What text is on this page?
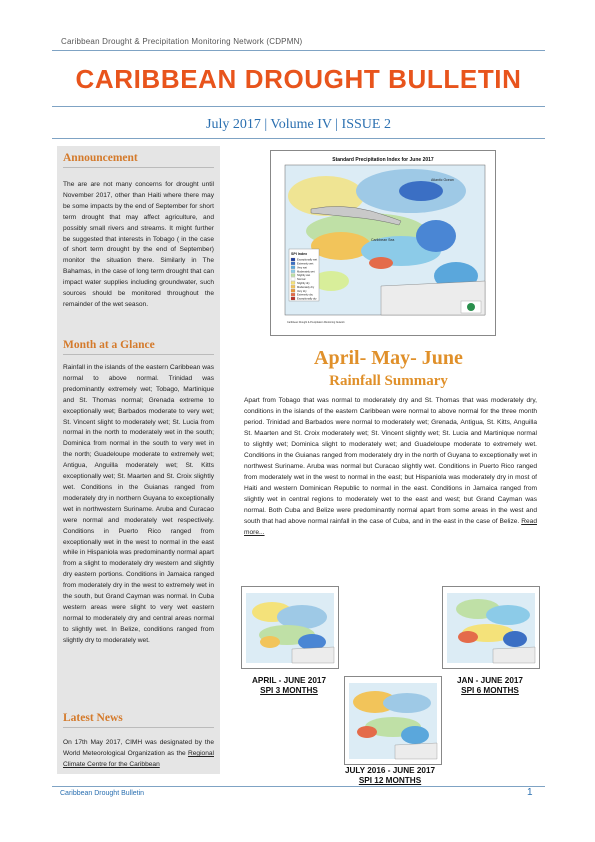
Caribbean Drought & Precipitation Monitoring Network (CDPMN)
CARIBBEAN DROUGHT BULLETIN
July 2017 | Volume IV | ISSUE 2
Announcement
The are are not many concerns for drought until November 2017, other than Haiti where there may be some impacts by the end of September for short term drought that may affect agriculture, and possibly small rivers and streams. It might further be suggested that interests in Tobago ( in the case of short term drought by the end of September) monitor the situation there. Similarly in The Bahamas, in the case of long term drought that can impact water supplies including groundwater, such sources should be monitored throughout the remainder of the wet season.
Month at a Glance
Rainfall in the islands of the eastern Caribbean was normal to above normal. Trinidad was predominantly extremely wet; Tobago, Martinique and St. Thomas normal; Grenada extreme to exceptionally wet; Barbados moderate to very wet; St. Vincent slight to moderately wet; St. Lucia from normal in the north to moderately wet in the south; Dominica from normal in the south to very wet in the north; Guadeloupe moderate to extremely wet; Antigua, Anguilla moderately wet; St. Kitts exceptionally wet; St. Maarten and St. Croix slightly wet. Conditions in the Guianas ranged from moderately dry in northern Guyana to exceptionally wet in northwestern Suriname. Aruba and Curacao were normal and moderately wet respectively. Conditions in Puerto Rico ranged from exceptionally wet in the west to normal in the east while in Hispaniola was predominantly normal apart from a slight to moderately dry western and slightly dry eastern portions. Conditions in Jamaica ranged from moderately dry in the west to extremely wet in the south, but Grand Cayman was normal. In Cuba western areas were slight to very wet eastern normal to moderately dry and central areas normal to slightly wet. In Belize, conditions ranged from slightly dry to moderately wet.
Latest News
On 17th May 2017, CIMH was designated by the World Meteorological Organization as the Regional Climate Centre for the Caribbean
Standard Precipitation Index for June 2017
Atlantic Ocean
Caribbean Sea
SPI Index
Exceptionally wet
Extremely wet
Very wet
Moderately wet
Slightly wet
Normal
Slightly dry
Moderately dry
Very dry
Extremely dry
Exceptionally dry
Caribbean Drought & Precipitation Monitoring Network
April- May- June
Rainfall Summary
Apart from Tobago that was normal to moderately dry and St. Thomas that was moderately dry, conditions in the islands of the eastern Caribbean were normal to above normal for the three month period. Trinidad and Barbados were normal to moderately wet; Grenada, Antigua, St. Kitts, Anguilla St. Maarten and St. Croix moderately wet; St. Vincent slightly wet; St. Lucia and Martinique normal to slightly wet; Dominica slight to moderately wet; and Guadeloupe moderate to extremely wet. Conditions in the Guianas ranged from moderately dry in the north of Guyana to exceptionally wet in northwest Suriname. Aruba was normal but Curacao slightly wet. Conditions in Puerto Rico ranged from moderately wet in the west to normal in the east; but Hispaniola was moderately dry in most of Haiti and western Dominican Republic to normal in the east. Conditions in Jamaica ranged from slightly wet in central regions to moderately wet to the east and west; but Grand Cayman was normal. Both Cuba and Belize were predominantly normal apart from some areas in the west and south that had above normal rainfall in the case of Cuba, and in the east in the case of Belize. Read more...
APRIL - JUNE 2017
SPI 3 MONTHS
JAN - JUNE 2017
SPI 6 MONTHS
JULY 2016 - JUNE 2017
SPI 12 MONTHS
Caribbean Drought Bulletin	1
